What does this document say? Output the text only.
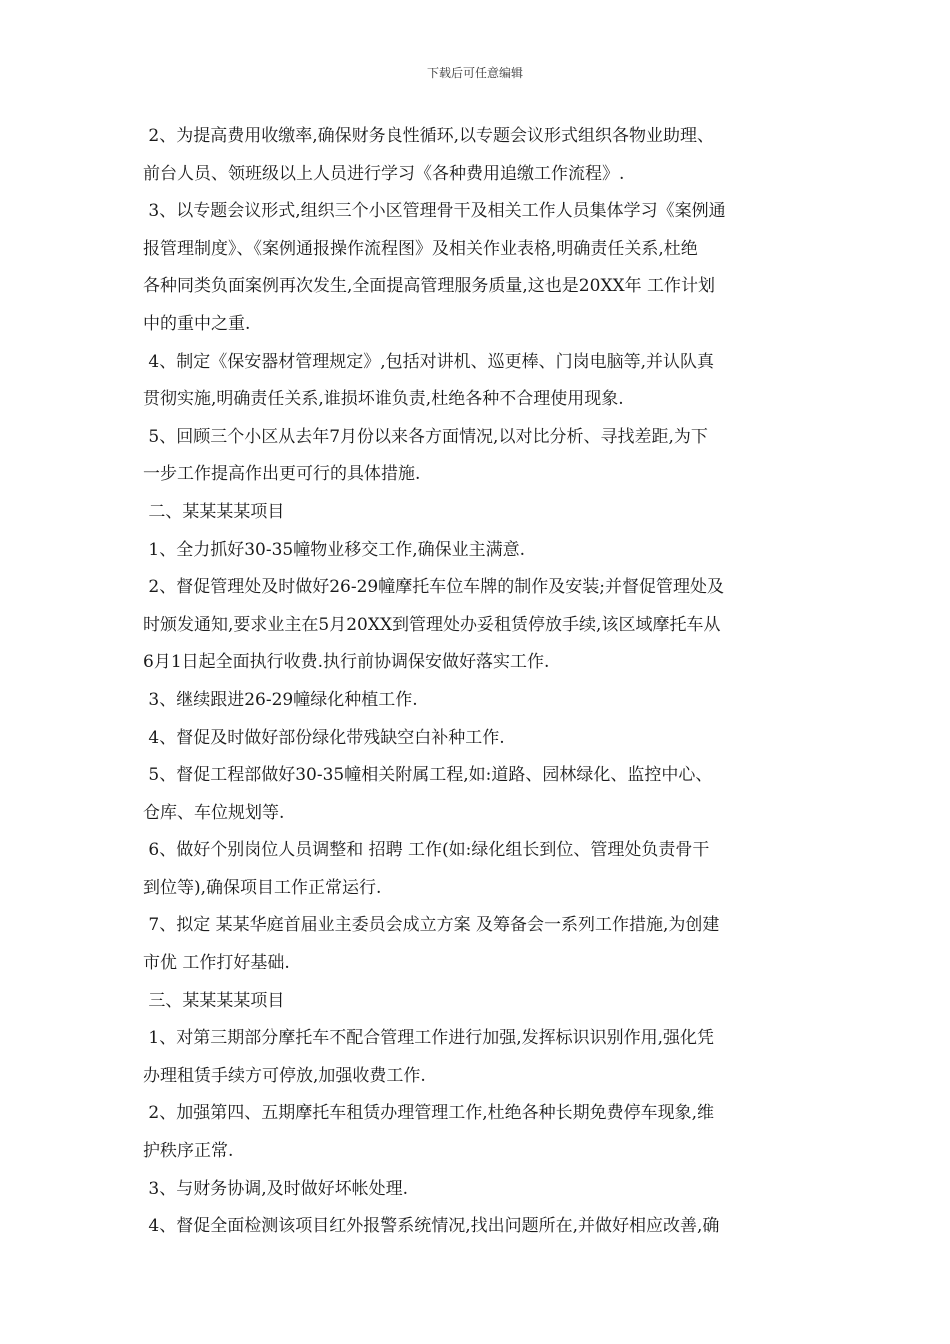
下载后可任意编辑
2、为提高费用收缴率,确保财务良性循环,以专题会议形式组织各物业助理、
前台人员、领班级以上人员进行学习《各种费用追缴工作流程》.
3、以专题会议形式,组织三个小区管理骨干及相关工作人员集体学习《案例通
报管理制度》、《案例通报操作流程图》及相关作业表格,明确责任关系,杜绝
各种同类负面案例再次发生,全面提高管理服务质量,这也是20XX年 工作计划
中的重中之重.
4、制定《保安器材管理规定》,包括对讲机、巡更棒、门岗电脑等,并认队真
贯彻实施,明确责任关系,谁损坏谁负责,杜绝各种不合理使用现象.
5、回顾三个小区从去年7月份以来各方面情况,以对比分析、寻找差距,为下
一步工作提高作出更可行的具体措施.
二、某某某某项目
1、全力抓好30-35幢物业移交工作,确保业主满意.
2、督促管理处及时做好26-29幢摩托车位车牌的制作及安装;并督促管理处及
时颁发通知,要求业主在5月20XX到管理处办妥租赁停放手续,该区域摩托车从
6月1日起全面执行收费.执行前协调保安做好落实工作.
3、继续跟进26-29幢绿化种植工作.
4、督促及时做好部份绿化带残缺空白补种工作.
5、督促工程部做好30-35幢相关附属工程,如:道路、园林绿化、监控中心、
仓库、车位规划等.
6、做好个别岗位人员调整和 招聘 工作(如:绿化组长到位、管理处负责骨干
到位等),确保项目工作正常运行.
7、拟定 某某华庭首届业主委员会成立方案 及筹备会一系列工作措施,为创建
市优 工作打好基础.
三、某某某某项目
1、对第三期部分摩托车不配合管理工作进行加强,发挥标识识别作用,强化凭
办理租赁手续方可停放,加强收费工作.
2、加强第四、五期摩托车租赁办理管理工作,杜绝各种长期免费停车现象,维
护秩序正常.
3、与财务协调,及时做好坏帐处理.
4、督促全面检测该项目红外报警系统情况,找出问题所在,并做好相应改善,确
